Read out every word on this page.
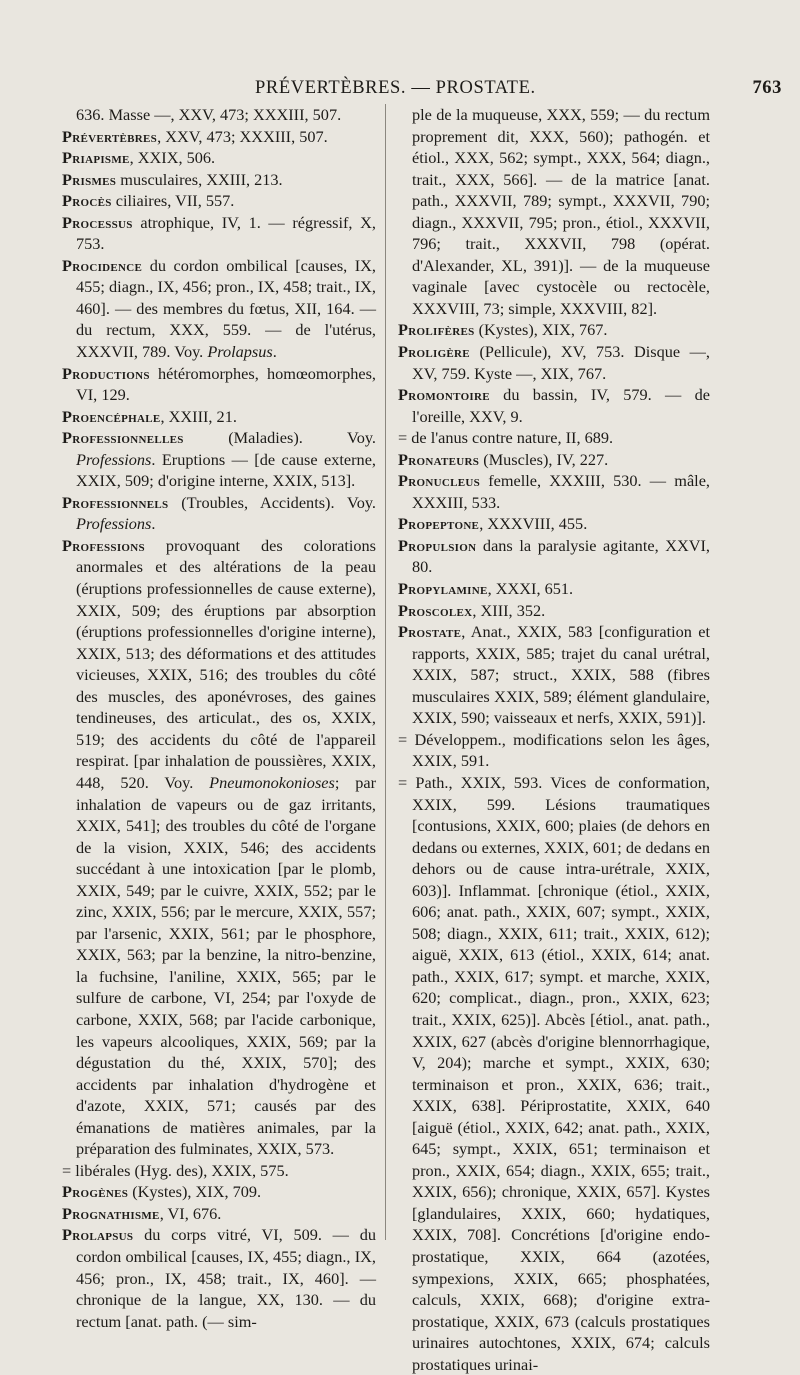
PRÉVERTÈBRES. — PROSTATE.	763

636. Masse —, XXV, 473; XXXIII, 507.

Prévertèbres, XXV, 473; XXXIII, 507.

Priapisme, XXIX, 506.

Prismes musculaires, XXIII, 213.

Procès ciliaires, VII, 557.

Processus atrophique, IV, 1. — régressif, X, 753.

Procidence du cordon ombilical [causes, IX, 455; diagn., IX, 456; pron., IX, 458; trait., IX, 460]. — des membres du fœtus, XII, 164. — du rectum, XXX, 559. — de l'utérus, XXXVII, 789. Voy. Prolapsus.

Productions hétéromorphes, homœomorphes, VI, 129.

Proencéphale, XXIII, 21.

Professionnelles (Maladies). Voy. Professions. Eruptions — [de cause externe, XXIX, 509; d'origine interne, XXIX, 513].

Professionnels (Troubles, Accidents). Voy. Professions.

Professions provoquant des colorations anormales et des altérations de la peau (éruptions professionnelles de cause externe), XXIX, 509; des éruptions par absorption (éruptions professionnelles d'origine interne), XXIX, 513; des déformations et des attitudes vicieuses, XXIX, 516; des troubles du côté des muscles, des aponévroses, des gaines tendineuses, des articulat., des os, XXIX, 519; des accidents du côté de l'appareil respirat. [par inhalation de poussières, XXIX, 448, 520. Voy. Pneumonokonioses; par inhalation de vapeurs ou de gaz irritants, XXIX, 541]; des troubles du côté de l'organe de la vision, XXIX, 546; des accidents succédant à une intoxication [par le plomb, XXIX, 549; par le cuivre, XXIX, 552; par le zinc, XXIX, 556; par le mercure, XXIX, 557; par l'arsenic, XXIX, 561; par le phosphore, XXIX, 563; par la benzine, la nitro-benzine, la fuchsine, l'aniline, XXIX, 565; par le sulfure de carbone, VI, 254; par l'oxyde de carbone, XXIX, 568; par l'acide carbonique, les vapeurs alcooliques, XXIX, 569; par la dégustation du thé, XXIX, 570]; des accidents par inhalation d'hydrogène et d'azote, XXIX, 571; causés par des émanations de matières animales, par la préparation des fulminates, XXIX, 573.

= libérales (Hyg. des), XXIX, 575.

Progènes (Kystes), XIX, 709.

Prognathisme, VI, 676.

Prolapsus du corps vitré, VI, 509. — du cordon ombilical [causes, IX, 455; diagn., IX, 456; pron., IX, 458; trait., IX, 460]. — chronique de la langue, XX, 130. — du rectum [anat. path. (— sim-

ple de la muqueuse, XXX, 559; — du rectum proprement dit, XXX, 560); pathogén. et étiol., XXX, 562; sympt., XXX, 564; diagn., trait., XXX, 566]. — de la matrice [anat. path., XXXVII, 789; sympt., XXXVII, 790; diagn., XXXVII, 795; pron., étiol., XXXVII, 796; trait., XXXVII, 798 (opérat. d'Alexander, XL, 391)]. — de la muqueuse vaginale [avec cystocèle ou rectocèle, XXXVIII, 73; simple, XXXVIII, 82].

Prolifères (Kystes), XIX, 767.

Proligère (Pellicule), XV, 753. Disque —, XV, 759. Kyste —, XIX, 767.

Promontoire du bassin, IV, 579. — de l'oreille, XXV, 9.

= de l'anus contre nature, II, 689.

Pronateurs (Muscles), IV, 227.

Pronucleus femelle, XXXIII, 530. — mâle, XXXIII, 533.

Propeptone, XXXVIII, 455.

Propulsion dans la paralysie agitante, XXVI, 80.

Propylamine, XXXI, 651.

Proscolex, XIII, 352.

Prostate, Anat., XXIX, 583 [configuration et rapports, XXIX, 585; trajet du canal urétral, XXIX, 587; struct., XXIX, 588 (fibres musculaires XXIX, 589; élément glandulaire, XXIX, 590; vaisseaux et nerfs, XXIX, 591)].

= Développem., modifications selon les âges, XXIX, 591.

= Path., XXIX, 593. Vices de conformation, XXIX, 599. Lésions traumatiques [contusions, XXIX, 600; plaies (de dehors en dedans ou externes, XXIX, 601; de dedans en dehors ou de cause intra-urétrale, XXIX, 603)]. Inflammat. [chronique (étiol., XXIX, 606; anat. path., XXIX, 607; sympt., XXIX, 508; diagn., XXIX, 611; trait., XXIX, 612); aiguë, XXIX, 613 (étiol., XXIX, 614; anat. path., XXIX, 617; sympt. et marche, XXIX, 620; complicat., diagn., pron., XXIX, 623; trait., XXIX, 625)]. Abcès [étiol., anat. path., XXIX, 627 (abcès d'origine blennorrhagique, V, 204); marche et sympt., XXIX, 630; terminaison et pron., XXIX, 636; trait., XXIX, 638]. Périprostatite, XXIX, 640 [aiguë (étiol., XXIX, 642; anat. path., XXIX, 645; sympt., XXIX, 651; terminaison et pron., XXIX, 654; diagn., XXIX, 655; trait., XXIX, 656); chronique, XXIX, 657]. Kystes [glandulaires, XXIX, 660; hydatiques, XXIX, 708]. Concrétions [d'origine endo-prostatique, XXIX, 664 (azotées, sympexions, XXIX, 665; phosphatées, calculs, XXIX, 668); d'origine extra-prostatique, XXIX, 673 (calculs prostatiques urinaires autochtones, XXIX, 674; calculs prostatiques urinai-
